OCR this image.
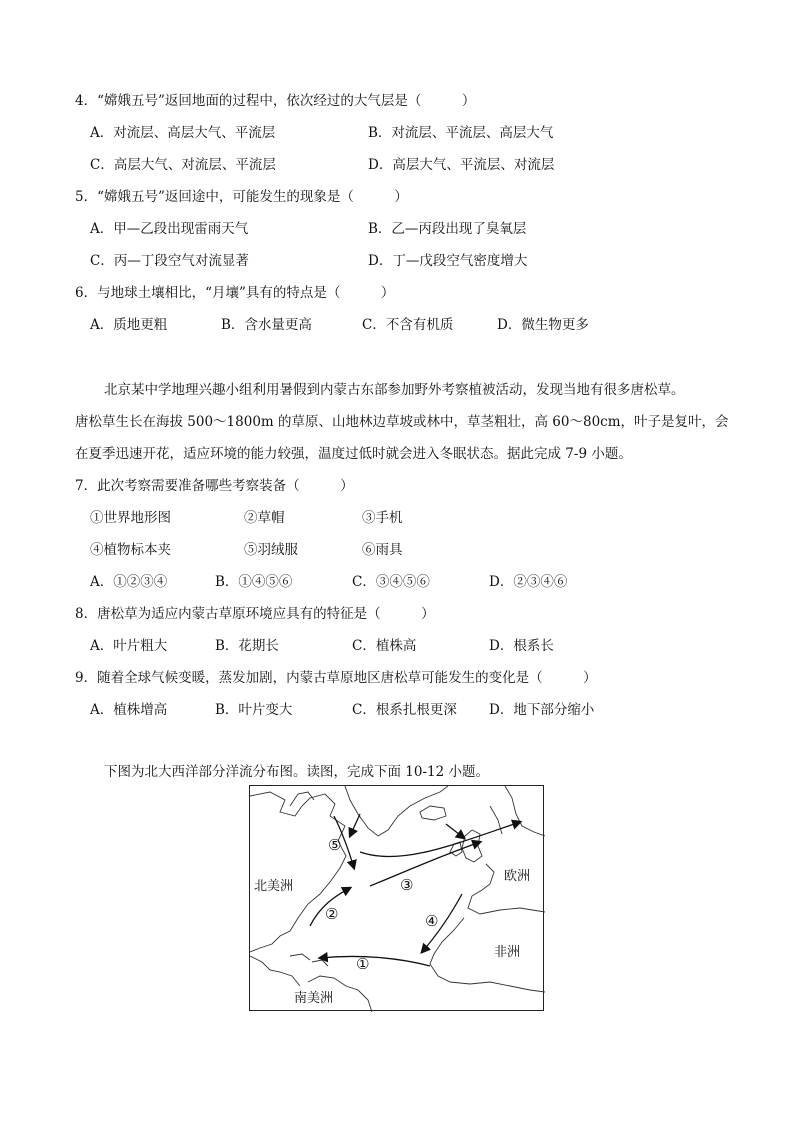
4．“嫦娥五号”返回地面的过程中，依次经过的大气层是（　　　）
A．对流层、高层大气、平流层	B．对流层、平流层、高层大气
C．高层大气、对流层、平流层	D．高层大气、平流层、对流层
5．“嫦娥五号”返回途中，可能发生的现象是（　　　）
A．甲—乙段出现雷雨天气	B．乙—丙段出现了臭氧层
C．丙—丁段空气对流显著	D．丁—戊段空气密度增大
6．与地球土壤相比，“月壤”具有的特点是（　　　）
A．质地更粗	B．含水量更高	C．不含有机质	D．微生物更多
北京某中学地理兴趣小组利用暑假到内蒙古东部参加野外考察植被活动，发现当地有很多唐松草。
唐松草生长在海拔 500～1800m 的草原、山地林边草坡或林中，草茎粗壮，高 60～80cm，叶子是复叶，会
在夏季迅速开花，适应环境的能力较强，温度过低时就会进入冬眠状态。据此完成 7-9 小题。
7．此次考察需要准备哪些考察装备（　　　）
①世界地形图	②草帽	③手机
④植物标本夹	⑤羽绒服	⑥雨具
A．①②③④	B．①④⑤⑥	C．③④⑤⑥	D．②③④⑥
8．唐松草为适应内蒙古草原环境应具有的特征是（　　　）
A．叶片粗大	B．花期长	C．植株高	D．根系长
9．随着全球气候变暖，蒸发加剧，内蒙古草原地区唐松草可能发生的变化是（　　　）
A．植株增高	B．叶片变大	C．根系扎根更深 D．地下部分缩小
下图为北大西洋部分洋流分布图。读图，完成下面 10-12 小题。
北美洲
欧洲
非洲
南美洲
①
②
③
④
⑤
